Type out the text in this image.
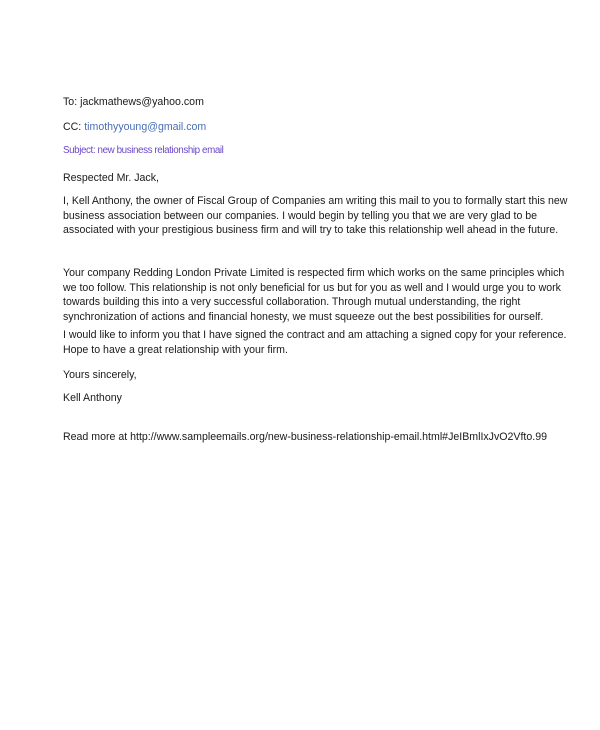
To: jackmathews@yahoo.com
CC: timothyyoung@gmail.com
Subject: new business relationship email
Respected Mr. Jack,
I, Kell Anthony, the owner of Fiscal Group of Companies am writing this mail to you to formally start this new
business association between our companies. I would begin by telling you that we are very glad to be
associated with your prestigious business firm and will try to take this relationship well ahead in the future.
Your company Redding London Private Limited is respected firm which works on the same principles which
we too follow. This relationship is not only beneficial for us but for you as well and I would urge you to work
towards building this into a very successful collaboration. Through mutual understanding, the right
synchronization of actions and financial honesty, we must squeeze out the best possibilities for ourself.
I would like to inform you that I have signed the contract and am attaching a signed copy for your reference.
Hope to have a great relationship with your firm.
Yours sincerely,
Kell Anthony
Read more at http://www.sampleemails.org/new-business-relationship-email.html#JeIBmlIxJvO2Vfto.99
